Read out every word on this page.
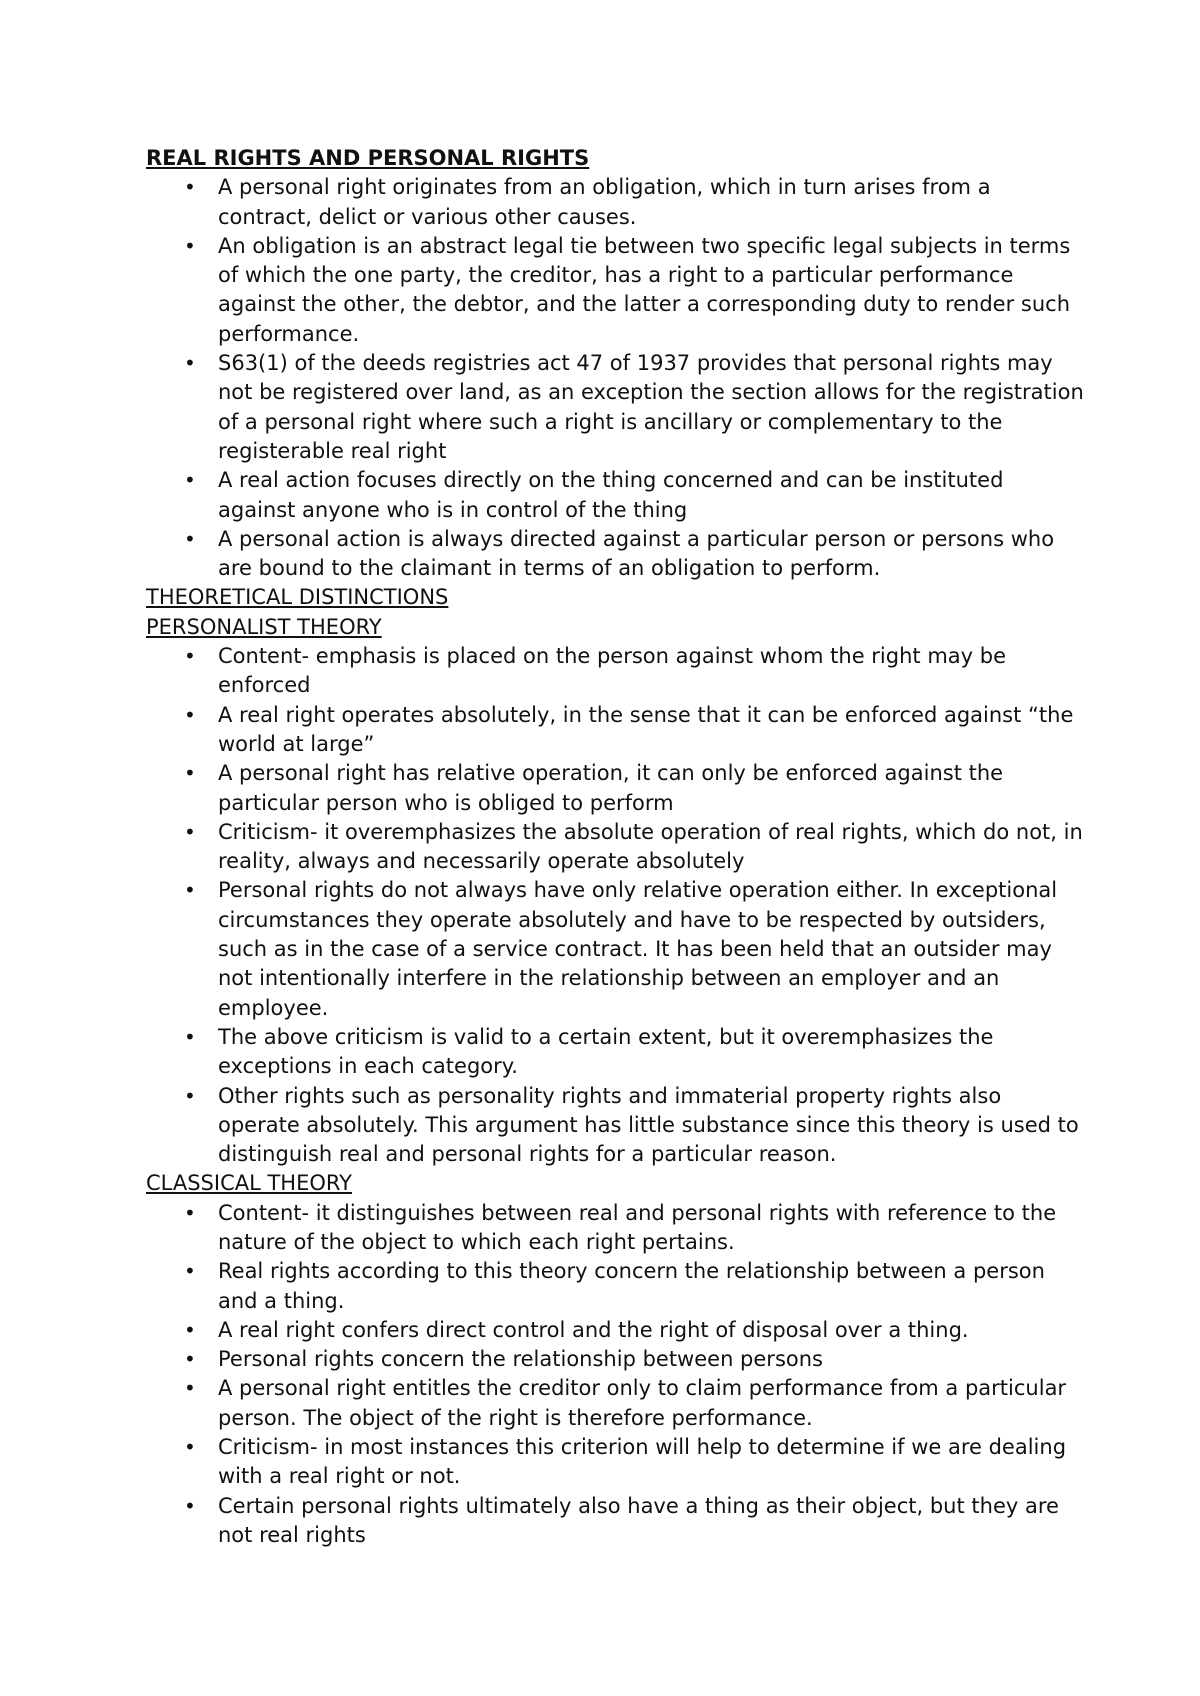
REAL RIGHTS AND PERSONAL RIGHTS
• A personal right originates from an obligation, which in turn arises from a contract, delict or various other causes.
• An obligation is an abstract legal tie between two specific legal subjects in terms of which the one party, the creditor, has a right to a particular performance against the other, the debtor, and the latter a corresponding duty to render such performance.
• S63(1) of the deeds registries act 47 of 1937 provides that personal rights may not be registered over land, as an exception the section allows for the registration of a personal right where such a right is ancillary or complementary to the registerable real right
• A real action focuses directly on the thing concerned and can be instituted against anyone who is in control of the thing
• A personal action is always directed against a particular person or persons who are bound to the claimant in terms of an obligation to perform.
THEORETICAL DISTINCTIONS
PERSONALIST THEORY
• Content- emphasis is placed on the person against whom the right may be enforced
• A real right operates absolutely, in the sense that it can be enforced against “the world at large”
• A personal right has relative operation, it can only be enforced against the particular person who is obliged to perform
• Criticism- it overemphasizes the absolute operation of real rights, which do not, in reality, always and necessarily operate absolutely
• Personal rights do not always have only relative operation either. In exceptional circumstances they operate absolutely and have to be respected by outsiders, such as in the case of a service contract. It has been held that an outsider may not intentionally interfere in the relationship between an employer and an employee.
• The above criticism is valid to a certain extent, but it overemphasizes the exceptions in each category.
• Other rights such as personality rights and immaterial property rights also operate absolutely. This argument has little substance since this theory is used to distinguish real and personal rights for a particular reason.
CLASSICAL THEORY
• Content- it distinguishes between real and personal rights with reference to the nature of the object to which each right pertains.
• Real rights according to this theory concern the relationship between a person and a thing.
• A real right confers direct control and the right of disposal over a thing.
• Personal rights concern the relationship between persons
• A personal right entitles the creditor only to claim performance from a particular person. The object of the right is therefore performance.
• Criticism- in most instances this criterion will help to determine if we are dealing with a real right or not.
• Certain personal rights ultimately also have a thing as their object, but they are not real rights
